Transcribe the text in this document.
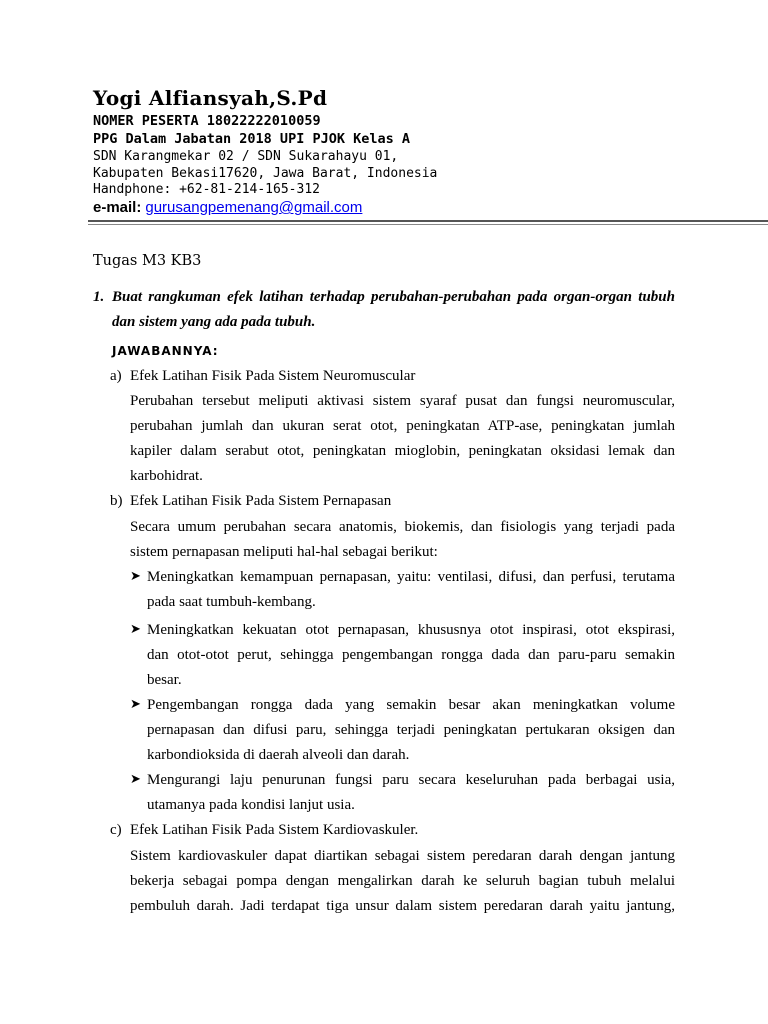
Yogi Alfiansyah,S.Pd
NOMER PESERTA 18022222010059
PPG Dalam Jabatan 2018 UPI PJOK Kelas A
SDN Karangmekar 02 / SDN Sukarahayu 01,
Kabupaten Bekasi17620, Jawa Barat, Indonesia
Handphone: +62-81-214-165-312
e-mail: gurusangpemenang@gmail.com
Tugas M3 KB3
1. Buat rangkuman efek latihan terhadap perubahan-perubahan pada organ-organ tubuh
dan sistem yang ada pada tubuh.
JAWABANNYA:
a) Efek Latihan Fisik Pada Sistem Neuromuscular
Perubahan tersebut meliputi aktivasi sistem syaraf pusat dan fungsi neuromuscular,
perubahan jumlah dan ukuran serat otot, peningkatan ATP-ase, peningkatan jumlah
kapiler dalam serabut otot, peningkatan mioglobin, peningkatan oksidasi lemak dan
karbohidrat.
b) Efek Latihan Fisik Pada Sistem Pernapasan
Secara umum perubahan secara anatomis, biokemis, dan fisiologis yang terjadi pada
sistem pernapasan meliputi hal-hal sebagai berikut:
➤ Meningkatkan kemampuan pernapasan, yaitu: ventilasi, difusi, dan perfusi, terutama
pada saat tumbuh-kembang.
➤ Meningkatkan kekuatan otot pernapasan, khususnya otot inspirasi, otot ekspirasi,
dan otot-otot perut, sehingga pengembangan rongga dada dan paru-paru semakin
besar.
➤ Pengembangan rongga dada yang semakin besar akan meningkatkan volume
pernapasan dan difusi paru, sehingga terjadi peningkatan pertukaran oksigen dan
karbondioksida di daerah alveoli dan darah.
➤ Mengurangi laju penurunan fungsi paru secara keseluruhan pada berbagai usia,
utamanya pada kondisi lanjut usia.
c) Efek Latihan Fisik Pada Sistem Kardiovaskuler.
Sistem kardiovaskuler dapat diartikan sebagai sistem peredaran darah dengan jantung
bekerja sebagai pompa dengan mengalirkan darah ke seluruh bagian tubuh melalui
pembuluh darah. Jadi terdapat tiga unsur dalam sistem peredaran darah yaitu jantung,
